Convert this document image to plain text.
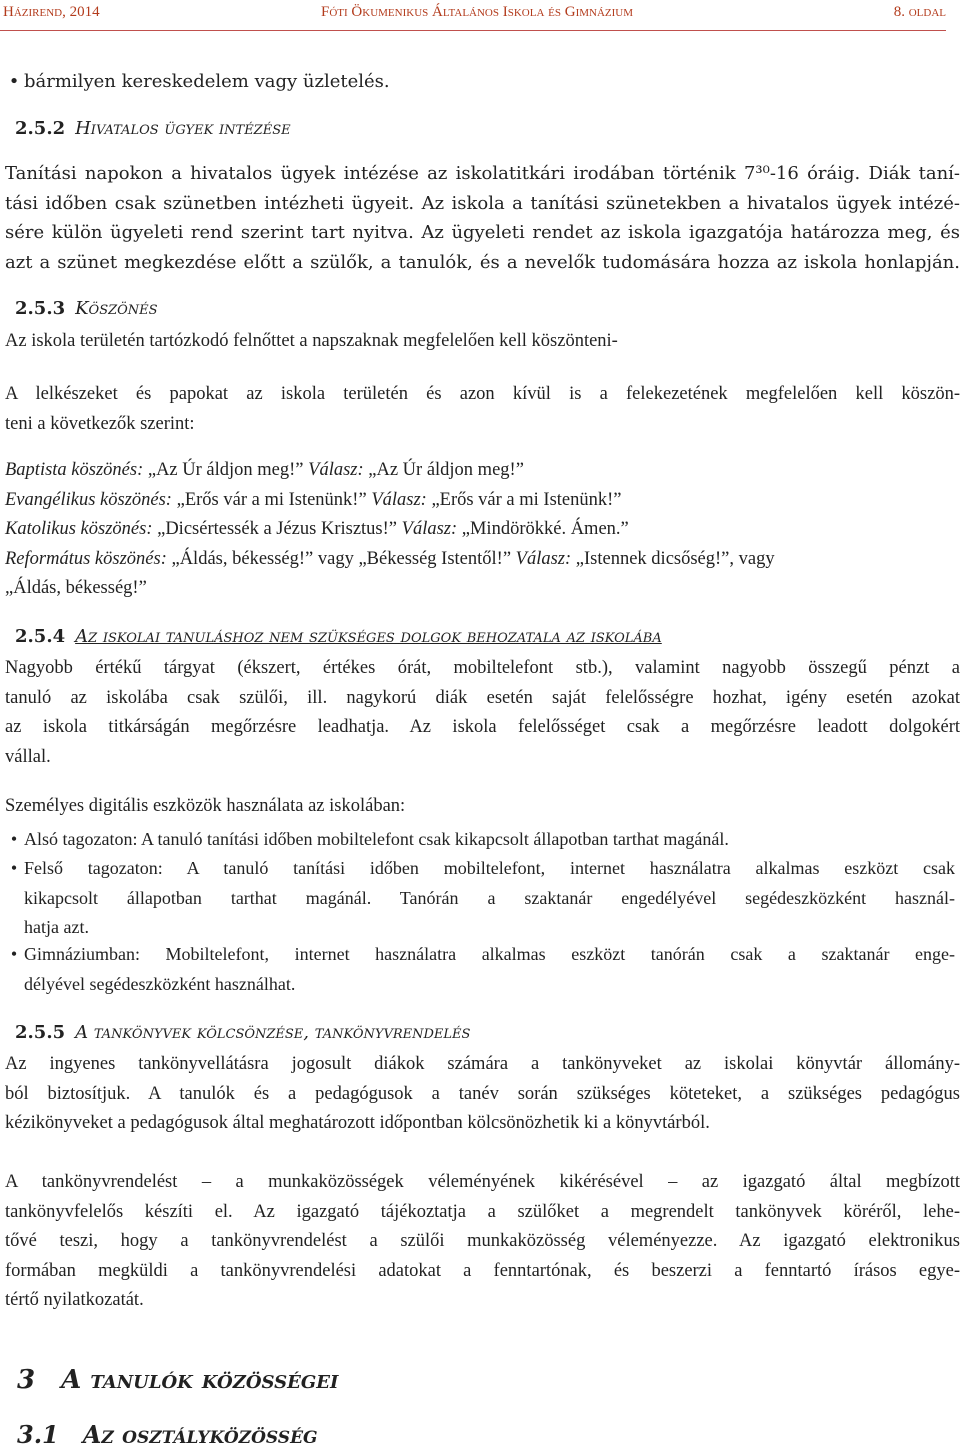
Házirend, 2014	Fóti Ökumenikus Általános Iskola és Gimnázium	8. oldal
• bármilyen kereskedelem vagy üzletelés.
2.5.2 Hivatalos ügyek intézése
Tanítási napokon a hivatalos ügyek intézése az iskolatitkári irodában történik 7³⁰-16 óráig. Diák taní-
tási időben csak szünetben intézheti ügyeit. Az iskola a tanítási szünetekben a hivatalos ügyek intézé-
sére külön ügyeleti rend szerint tart nyitva. Az ügyeleti rendet az iskola igazgatója határozza meg, és
azt a szünet megkezdése előtt a szülők, a tanulók, és a nevelők tudomására hozza az iskola honlapján.
2.5.3 Köszönés
Az iskola területén tartózkodó felnőttet a napszaknak megfelelően kell köszönteni-
A lelkészeket és papokat az iskola területén és azon kívül is a felekezetének megfelelően kell köszön-
teni a következők szerint:
Baptista köszönés: „Az Úr áldjon meg!” Válasz: „Az Úr áldjon meg!”
Evangélikus köszönés: „Erős vár a mi Istenünk!” Válasz: „Erős vár a mi Istenünk!”
Katolikus köszönés: „Dicsértessék a Jézus Krisztus!” Válasz: „Mindörökké. Ámen.”
Református köszönés: „Áldás, békesség!” vagy „Békesség Istentől!” Válasz: „Istennek dicsőség!”, vagy
„Áldás, békesség!”
2.5.4 Az iskolai tanuláshoz nem szükséges dolgok behozatala az iskolába
Nagyobb értékű tárgyat (ékszert, értékes órát, mobiltelefont stb.), valamint nagyobb összegű pénzt a
tanuló az iskolába csak szülői, ill. nagykorú diák esetén saját felelősségre hozhat, igény esetén azokat
az iskola titkárságán megőrzésre leadhatja. Az iskola felelősséget csak a megőrzésre leadott dolgokért
vállal.
Személyes digitális eszközök használata az iskolában:
• Alsó tagozaton: A tanuló tanítási időben mobiltelefont csak kikapcsolt állapotban tarthat magánál.
• Felső tagozaton: A tanuló tanítási időben mobiltelefont, internet használatra alkalmas eszközt csak
kikapcsolt állapotban tarthat magánál. Tanórán a szaktanár engedélyével segédeszközként használ-
hatja azt.
• Gimnáziumban: Mobiltelefont, internet használatra alkalmas eszközt tanórán csak a szaktanár enge-
délyével segédeszközként használhat.
2.5.5 A tankönyvek kölcsönzése, tankönyvrendelés
Az ingyenes tankönyvellátásra jogosult diákok számára a tankönyveket az iskolai könyvtár állomány-
ból biztosítjuk. A tanulók és a pedagógusok a tanév során szükséges köteteket, a szükséges pedagógus
kézikönyveket a pedagógusok által meghatározott időpontban kölcsönözhetik ki a könyvtárból.
A tankönyvrendelést – a munkaközösségek véleményének kikérésével – az igazgató által megbízott
tankönyvfelelős készíti el. Az igazgató tájékoztatja a szülőket a megrendelt tankönyvek köréről, lehe-
tővé teszi, hogy a tankönyvrendelést a szülői munkaközösség véleményezze. Az igazgató elektronikus
formában megküldi a tankönyvrendelési adatokat a fenntartónak, és beszerzi a fenntartó írásos egye-
tértő nyilatkozatát.
3 A tanulók közösségei
3.1 Az osztályközösség
